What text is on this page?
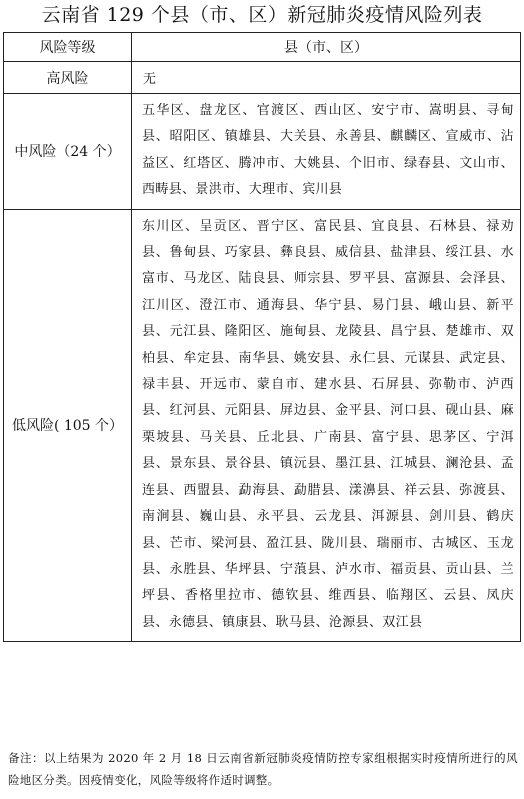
云南省 129 个县（市、区）新冠肺炎疫情风险列表
风险等级	县（市、区）
高风险	无
中风险（24 个）	五华区、盘龙区、官渡区、西山区、安宁市、嵩明县、寻甸县、昭阳区、镇雄县、大关县、永善县、麒麟区、宣威市、沾益区、红塔区、腾冲市、大姚县、个旧市、绿春县、文山市、西畴县、景洪市、大理市、宾川县
低风险( 105 个）	东川区、呈贡区、晋宁区、富民县、宜良县、石林县、禄劝县、鲁甸县、巧家县、彝良县、威信县、盐津县、绥江县、水富市、马龙区、陆良县、师宗县、罗平县、富源县、会泽县、江川区、澄江市、通海县、华宁县、易门县、峨山县、新平县、元江县、隆阳区、施甸县、龙陵县、昌宁县、楚雄市、双柏县、牟定县、南华县、姚安县、永仁县、元谋县、武定县、禄丰县、开远市、蒙自市、建水县、石屏县、弥勒市、泸西县、红河县、元阳县、屏边县、金平县、河口县、砚山县、麻栗坡县、马关县、丘北县、广南县、富宁县、思茅区、宁洱县、景东县、景谷县、镇沅县、墨江县、江城县、澜沧县、孟连县、西盟县、勐海县、勐腊县、漾濞县、祥云县、弥渡县、南涧县、巍山县、永平县、云龙县、洱源县、剑川县、鹤庆县、芒市、梁河县、盈江县、陇川县、瑞丽市、古城区、玉龙县、永胜县、华坪县、宁蒗县、泸水市、福贡县、贡山县、兰坪县、香格里拉市、德钦县、维西县、临翔区、云县、凤庆县、永德县、镇康县、耿马县、沧源县、双江县
备注：以上结果为 2020 年 2 月 18 日云南省新冠肺炎疫情防控专家组根据实时疫情所进行的风险地区分类。因疫情变化，风险等级将作适时调整。
